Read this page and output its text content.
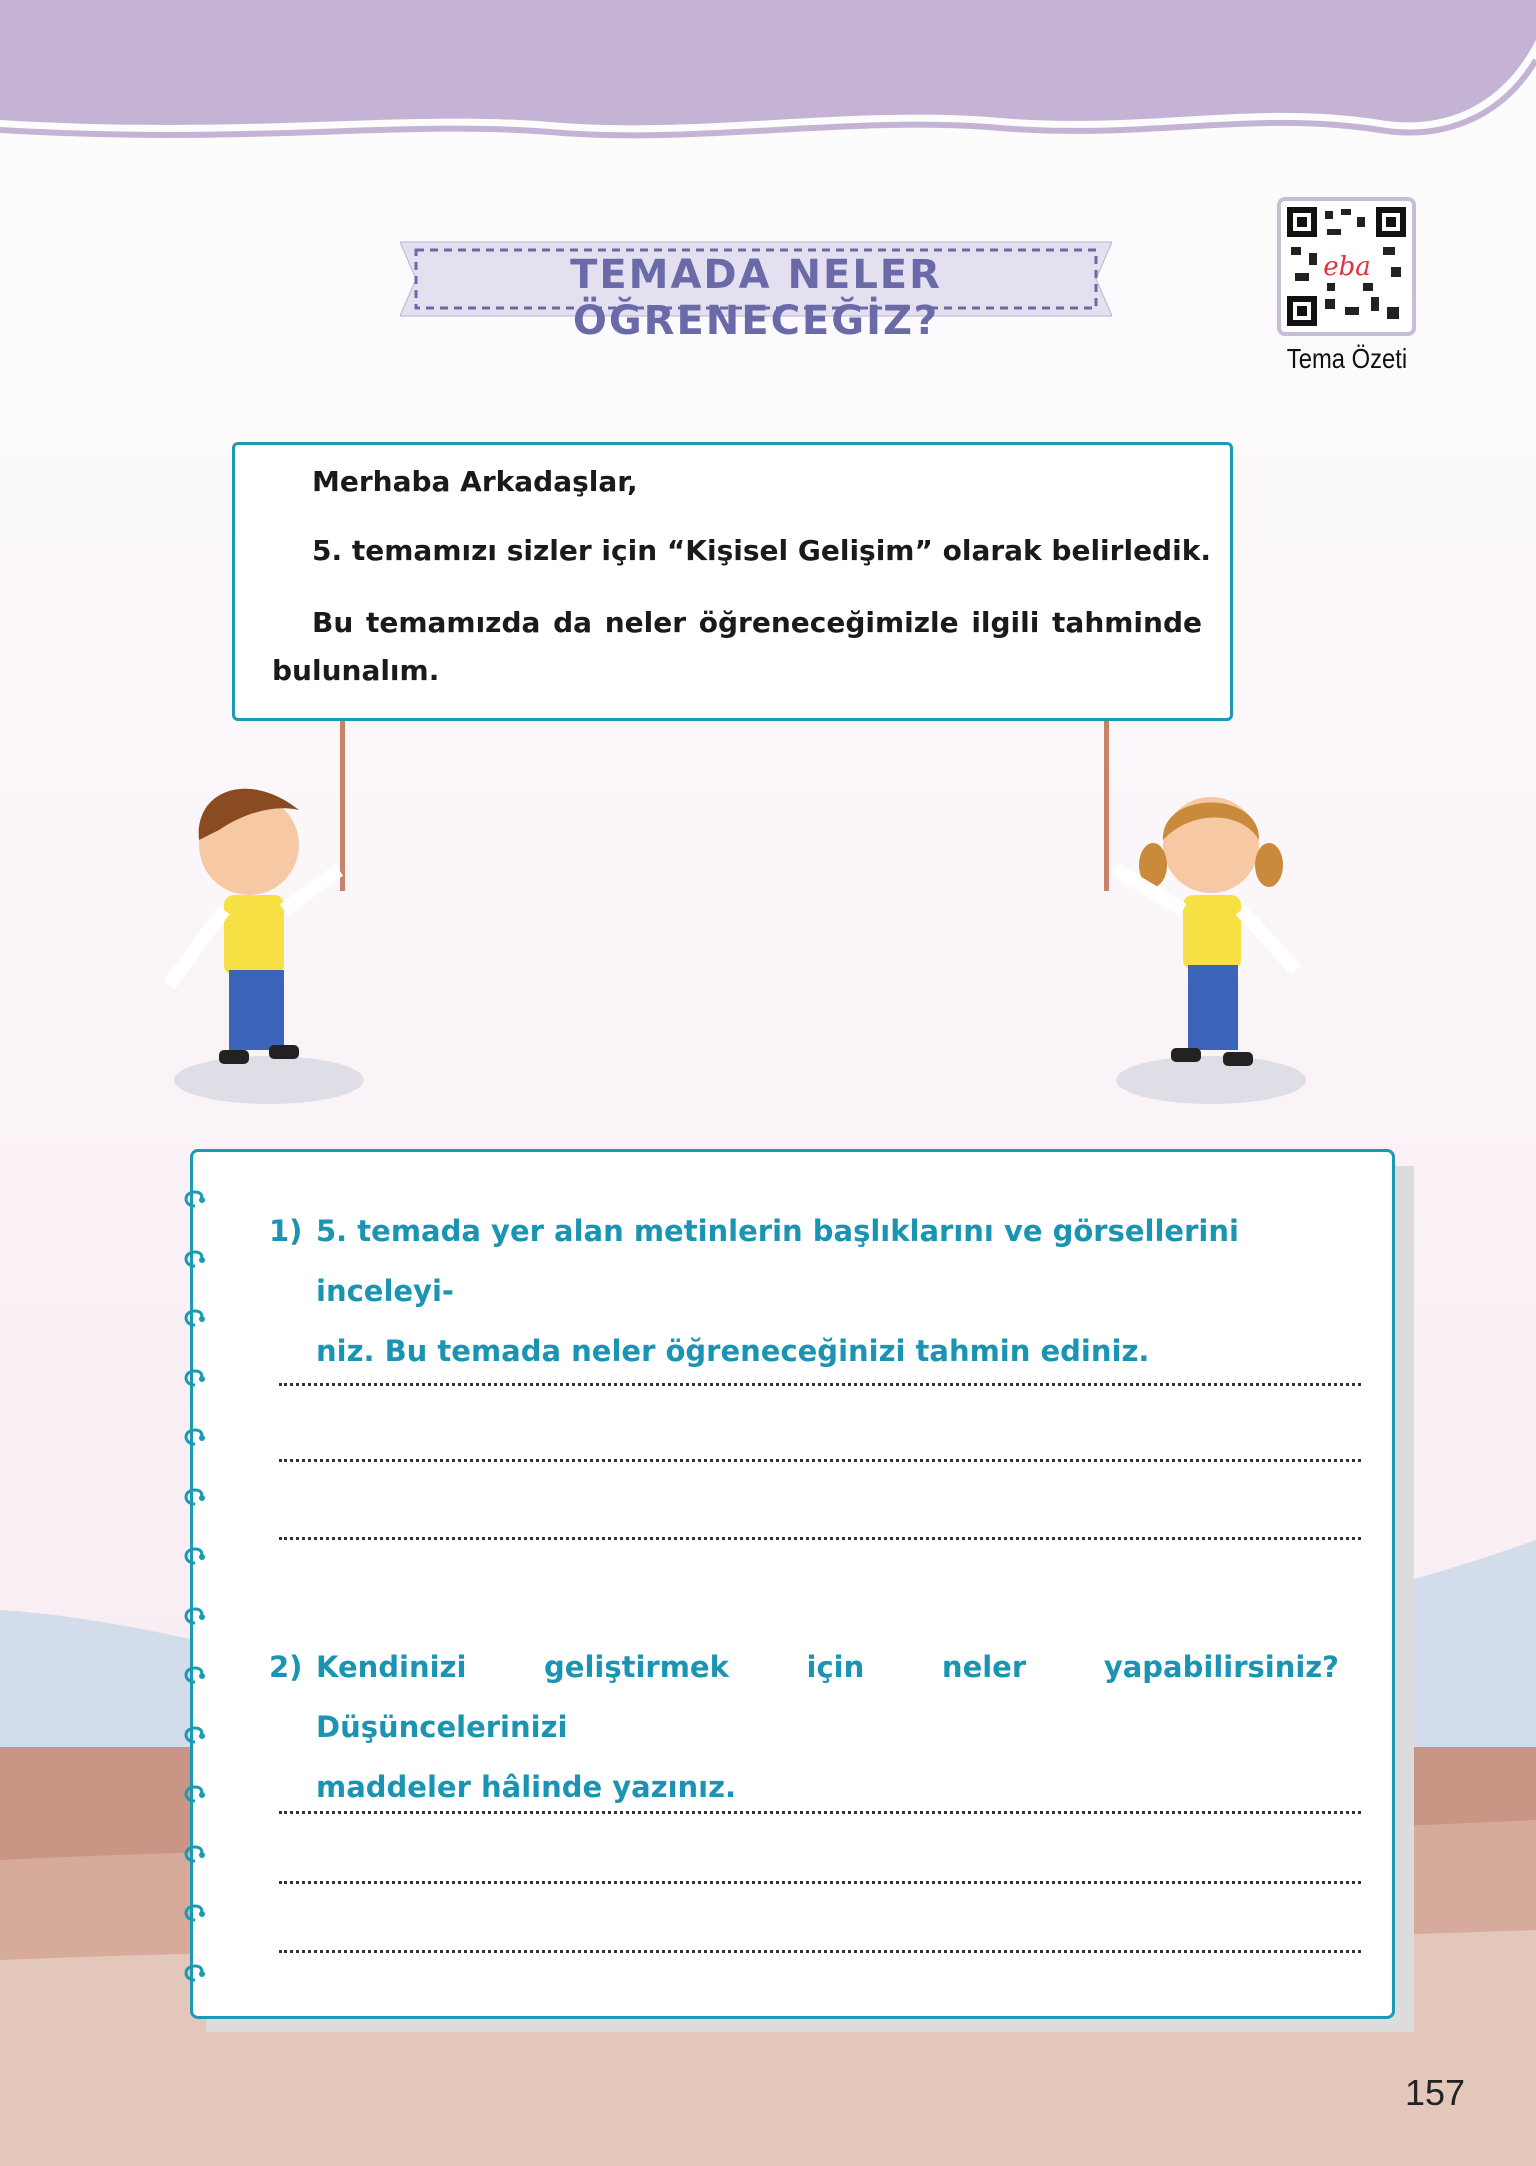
TEMADA NELER ÖĞRENECEĞİZ?
eba
Tema Özeti

Merhaba Arkadaşlar,

5. temamızı sizler için “Kişisel Gelişim” olarak belirledik.

Bu temamızda da neler öğreneceğimizle ilgili tahminde

bulunalım.

1) 5. temada yer alan metinlerin başlıklarını ve görsellerini inceleyi-
niz. Bu temada neler öğreneceğinizi tahmin ediniz.
2) Kendinizi geliştirmek için neler yapabilirsiniz? Düşüncelerinizi
maddeler hâlinde yazınız.
157
